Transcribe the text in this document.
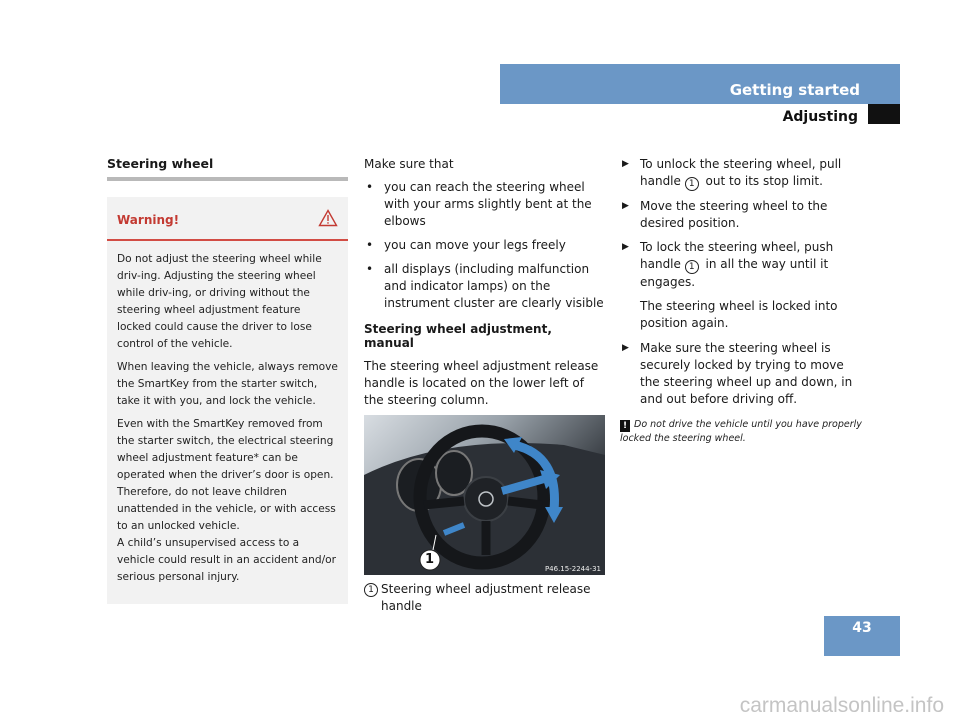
Getting started
Adjusting
Steering wheel
Warning!

Do not adjust the steering wheel while driv-ing. Adjusting the steering wheel while driv-ing, or driving without the steering wheel adjustment feature locked could cause the driver to lose control of the vehicle.

When leaving the vehicle, always remove the SmartKey from the starter switch, take it with you, and lock the vehicle.

Even with the SmartKey removed from the starter switch, the electrical steering wheel adjustment feature* can be operated when the driver’s door is open. Therefore, do not leave children unattended in the vehicle, or with access to an unlocked vehicle.

A child’s unsupervised access to a vehicle could result in an accident and/or serious personal injury.

Make sure that

• you can reach the steering wheel with your arms slightly bent at the elbows
• you can move your legs freely
• all displays (including malfunction and indicator lamps) on the instrument cluster are clearly visible
Steering wheel adjustment, manual

The steering wheel adjustment release handle is located on the lower left of the steering column.

1
P46.15-2244-31
1 Steering wheel adjustment release handle
▶ To unlock the steering wheel, pull handle 1 out to its stop limit.
▶ Move the steering wheel to the desired position.
▶ To lock the steering wheel, push handle 1 in all the way until it engages.

The steering wheel is locked into position again.

▶ Make sure the steering wheel is securely locked by trying to move the steering wheel up and down, in and out before driving off.
! Do not drive the vehicle until you have properly locked the steering wheel.
43
carmanualsonline.info
